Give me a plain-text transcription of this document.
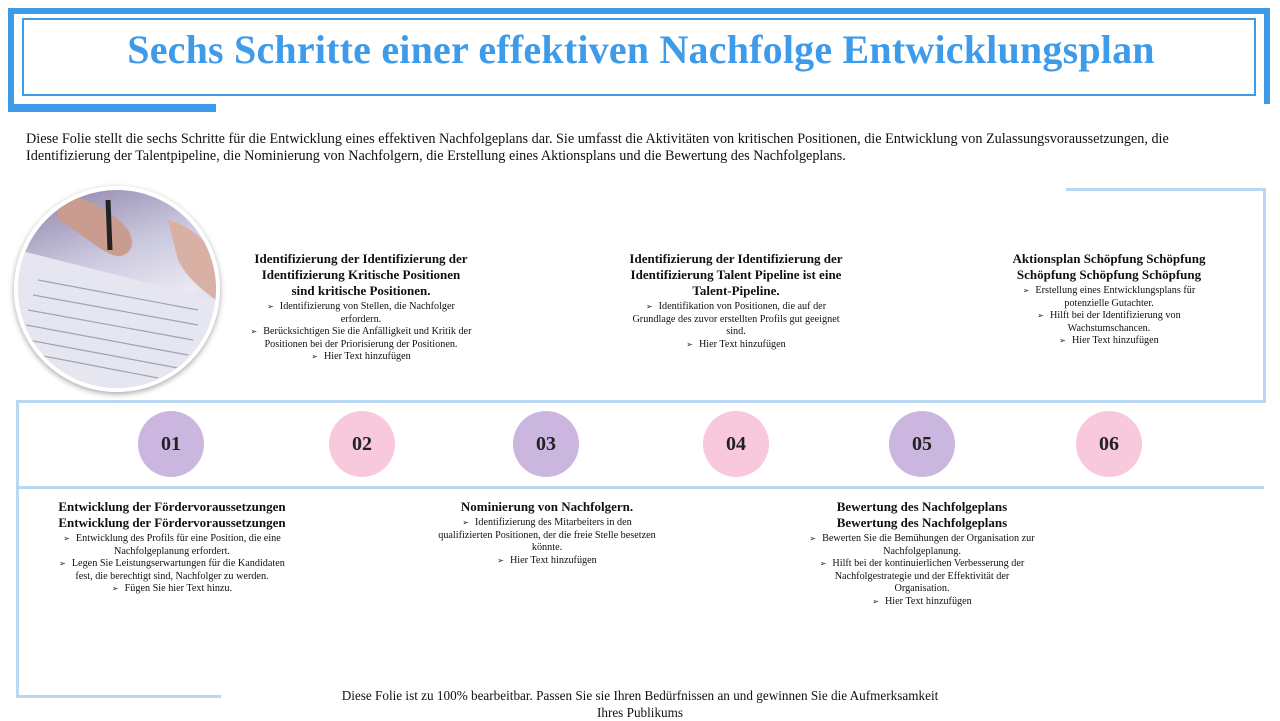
Sechs Schritte einer effektiven Nachfolge Entwicklungsplan
Diese Folie stellt die sechs Schritte für die Entwicklung eines effektiven Nachfolgeplans dar. Sie umfasst die Aktivitäten von kritischen Positionen, die Entwicklung von Zulassungsvoraussetzungen, die Identifizierung der Talentpipeline, die Nominierung von Nachfolgern, die Erstellung eines Aktionsplans und die Bewertung des Nachfolgeplans.
01	02	03	04	05	06
Identifizierung der Identifizierung der Identifizierung Kritische Positionen sind kritische Positionen.
➢   Identifizierung von Stellen, die Nachfolger erfordern.
➢   Berücksichtigen Sie die Anfälligkeit und Kritik der Positionen bei der Priorisierung der Positionen.
➢   Hier Text hinzufügen
Identifizierung der Identifizierung der Identifizierung Talent Pipeline ist eine Talent-Pipeline.
➢   Identifikation von Positionen, die auf der Grundlage des zuvor erstellten Profils gut geeignet sind.
➢   Hier Text hinzufügen
Aktionsplan Schöpfung Schöpfung Schöpfung Schöpfung Schöpfung
➢   Erstellung eines Entwicklungsplans für potenzielle Gutachter.
➢   Hilft bei der Identifizierung von Wachstumschancen.
➢   Hier Text hinzufügen
Entwicklung der Fördervoraussetzungen Entwicklung der Fördervoraussetzungen
➢   Entwicklung des Profils für eine Position, die eine Nachfolgeplanung erfordert.
➢   Legen Sie Leistungserwartungen für die Kandidaten fest, die berechtigt sind, Nachfolger zu werden.
➢   Fügen Sie hier Text hinzu.
Nominierung von Nachfolgern.
➢   Identifizierung des Mitarbeiters in den qualifizierten Positionen, der die freie Stelle besetzen könnte.
➢   Hier Text hinzufügen
Bewertung des Nachfolgeplans Bewertung des Nachfolgeplans
➢   Bewerten Sie die Bemühungen der Organisation zur Nachfolgeplanung.
➢   Hilft bei der kontinuierlichen Verbesserung der Nachfolgestrategie und der Effektivität der Organisation.
➢   Hier Text hinzufügen
Diese Folie ist zu 100% bearbeitbar. Passen Sie sie Ihren Bedürfnissen an und gewinnen Sie die Aufmerksamkeit Ihres Publikums
